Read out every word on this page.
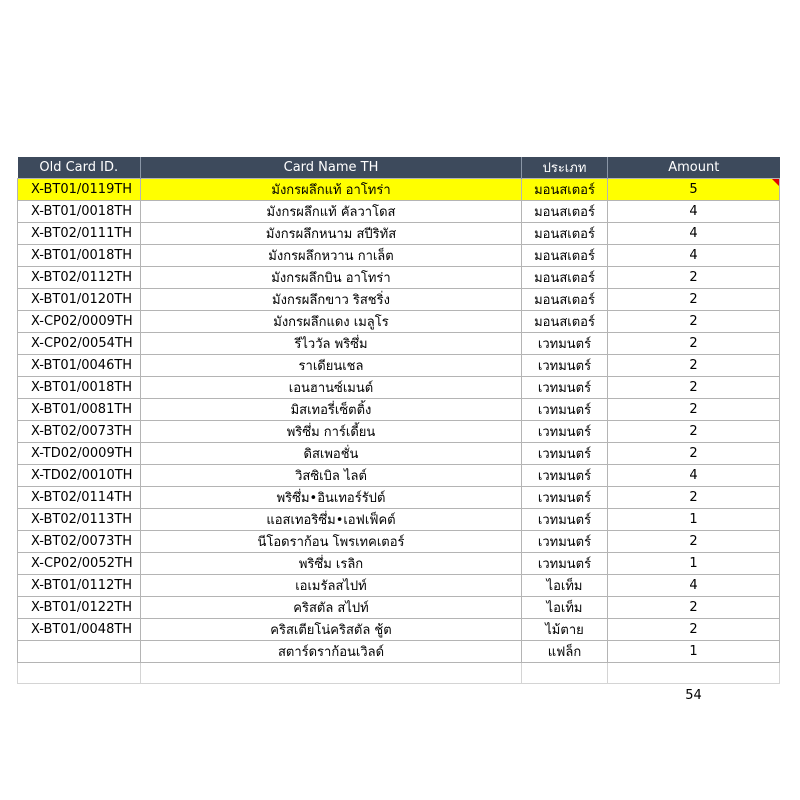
Old Card ID.	Card Name TH	ประเภท	Amount
X-BT01/0119TH	มังกรผลึกแท้ อาโทร่า	มอนสเตอร์	5

X-BT01/0018TH	มังกรผลึกแท้ คัลวาโดส	มอนสเตอร์	4
X-BT02/0111TH	มังกรผลึกหนาม สปีริทัส	มอนสเตอร์	4
X-BT01/0018TH	มังกรผลึกหวาน กาเล็ต	มอนสเตอร์	4
X-BT02/0112TH	มังกรผลึกบิน อาโทร่า	มอนสเตอร์	2
X-BT01/0120TH	มังกรผลึกขาว ริสชริ่ง	มอนสเตอร์	2
X-CP02/0009TH	มังกรผลึกแดง เมลูโร	มอนสเตอร์	2
X-CP02/0054TH	รีไววัล พริซึ่ม	เวทมนตร์	2
X-BT01/0046TH	ราเดียนเชล	เวทมนตร์	2
X-BT01/0018TH	เอนฮานซ์เมนต์	เวทมนตร์	2
X-BT01/0081TH	มิสเทอรี่เซ็ตติ้ง	เวทมนตร์	2
X-BT02/0073TH	พริซึ่ม การ์เดี้ยน	เวทมนตร์	2
X-TD02/0009TH	ดิสเพอชั่น	เวทมนตร์	2
X-TD02/0010TH	วิสซิเบิล ไลต์	เวทมนตร์	4
X-BT02/0114TH	พริซึ่ม•อินเทอร์รัปต์	เวทมนตร์	2
X-BT02/0113TH	แอสเทอริซึ่ม•เอฟเฟ็คต์	เวทมนตร์	1
X-BT02/0073TH	นีโอดราก้อน โพรเทคเตอร์	เวทมนตร์	2
X-CP02/0052TH	พริซึ่ม เรลิก	เวทมนตร์	1
X-BT01/0112TH	เอเมรัลสไปท์	ไอเท็ม	4
X-BT01/0122TH	คริสตัล สไปท์	ไอเท็ม	2
X-BT01/0048TH	คริสเตียโน่คริสตัล ชู้ต	ไม้ตาย	2
	สตาร์ดราก้อนเวิลด์	แฟล็ก	1

			54
